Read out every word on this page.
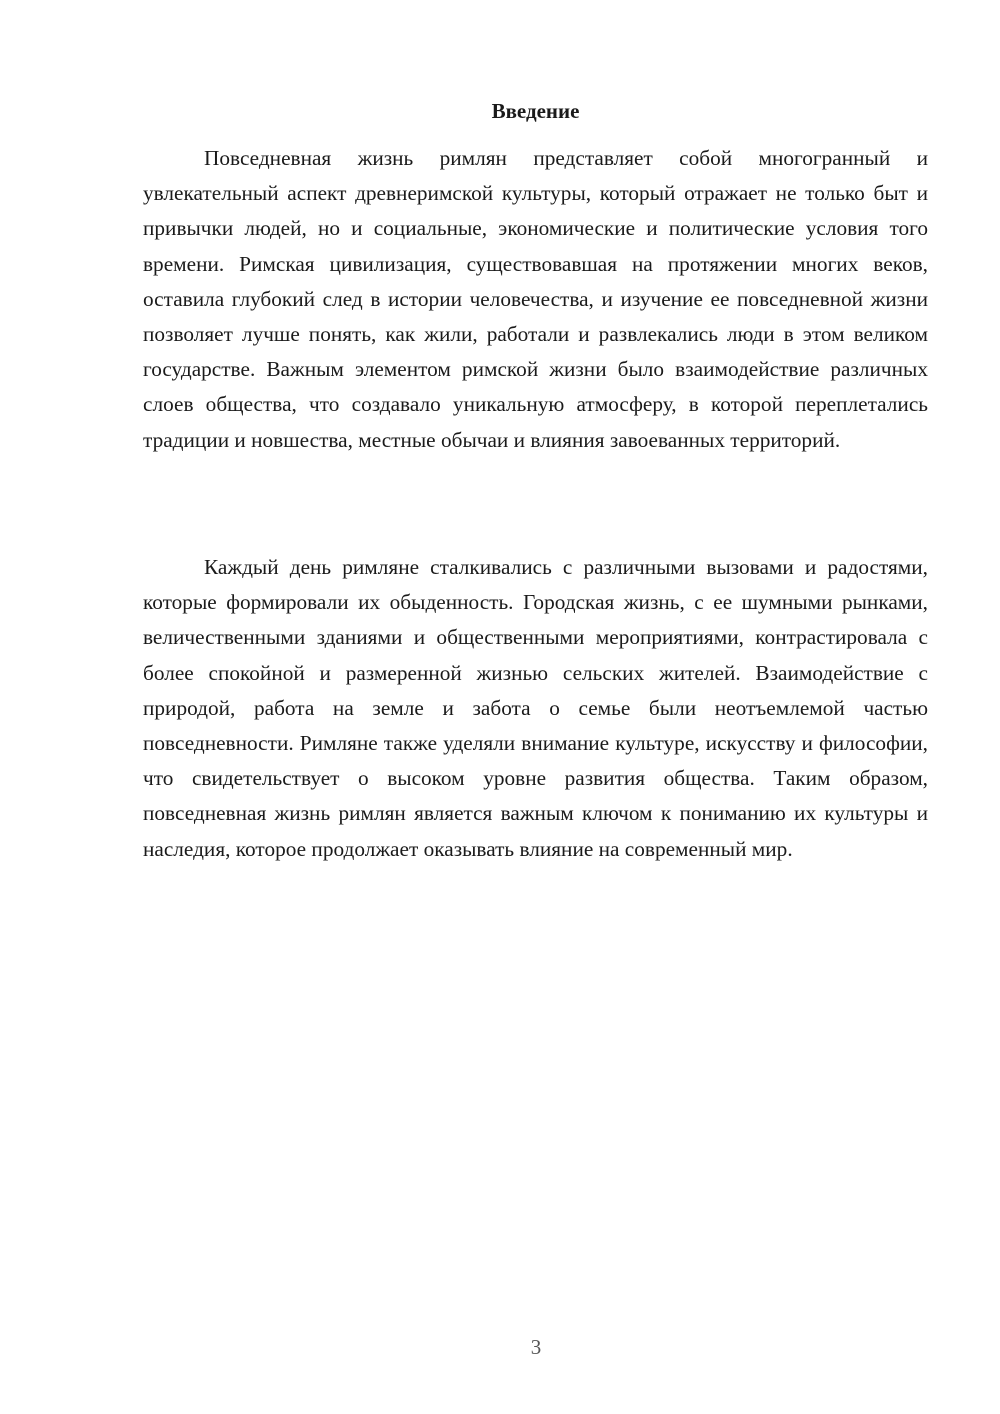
Введение

Повседневная жизнь римлян представляет собой многогранный и увлекательный аспект древнеримской культуры, который отражает не только быт и привычки людей, но и социальные, экономические и политические условия того времени. Римская цивилизация, существовавшая на протяжении многих веков, оставила глубокий след в истории человечества, и изучение ее повседневной жизни позволяет лучше понять, как жили, работали и развлекались люди в этом великом государстве. Важным элементом римской жизни было взаимодействие различных слоев общества, что создавало уникальную атмосферу, в которой переплетались традиции и новшества, местные обычаи и влияния завоеванных территорий.

Каждый день римляне сталкивались с различными вызовами и радостями, которые формировали их обыденность. Городская жизнь, с ее шумными рынками, величественными зданиями и общественными мероприятиями, контрастировала с более спокойной и размеренной жизнью сельских жителей. Взаимодействие с природой, работа на земле и забота о семье были неотъемлемой частью повседневности. Римляне также уделяли внимание культуре, искусству и философии, что свидетельствует о высоком уровне развития общества. Таким образом, повседневная жизнь римлян является важным ключом к пониманию их культуры и наследия, которое продолжает оказывать влияние на современный мир.

3
